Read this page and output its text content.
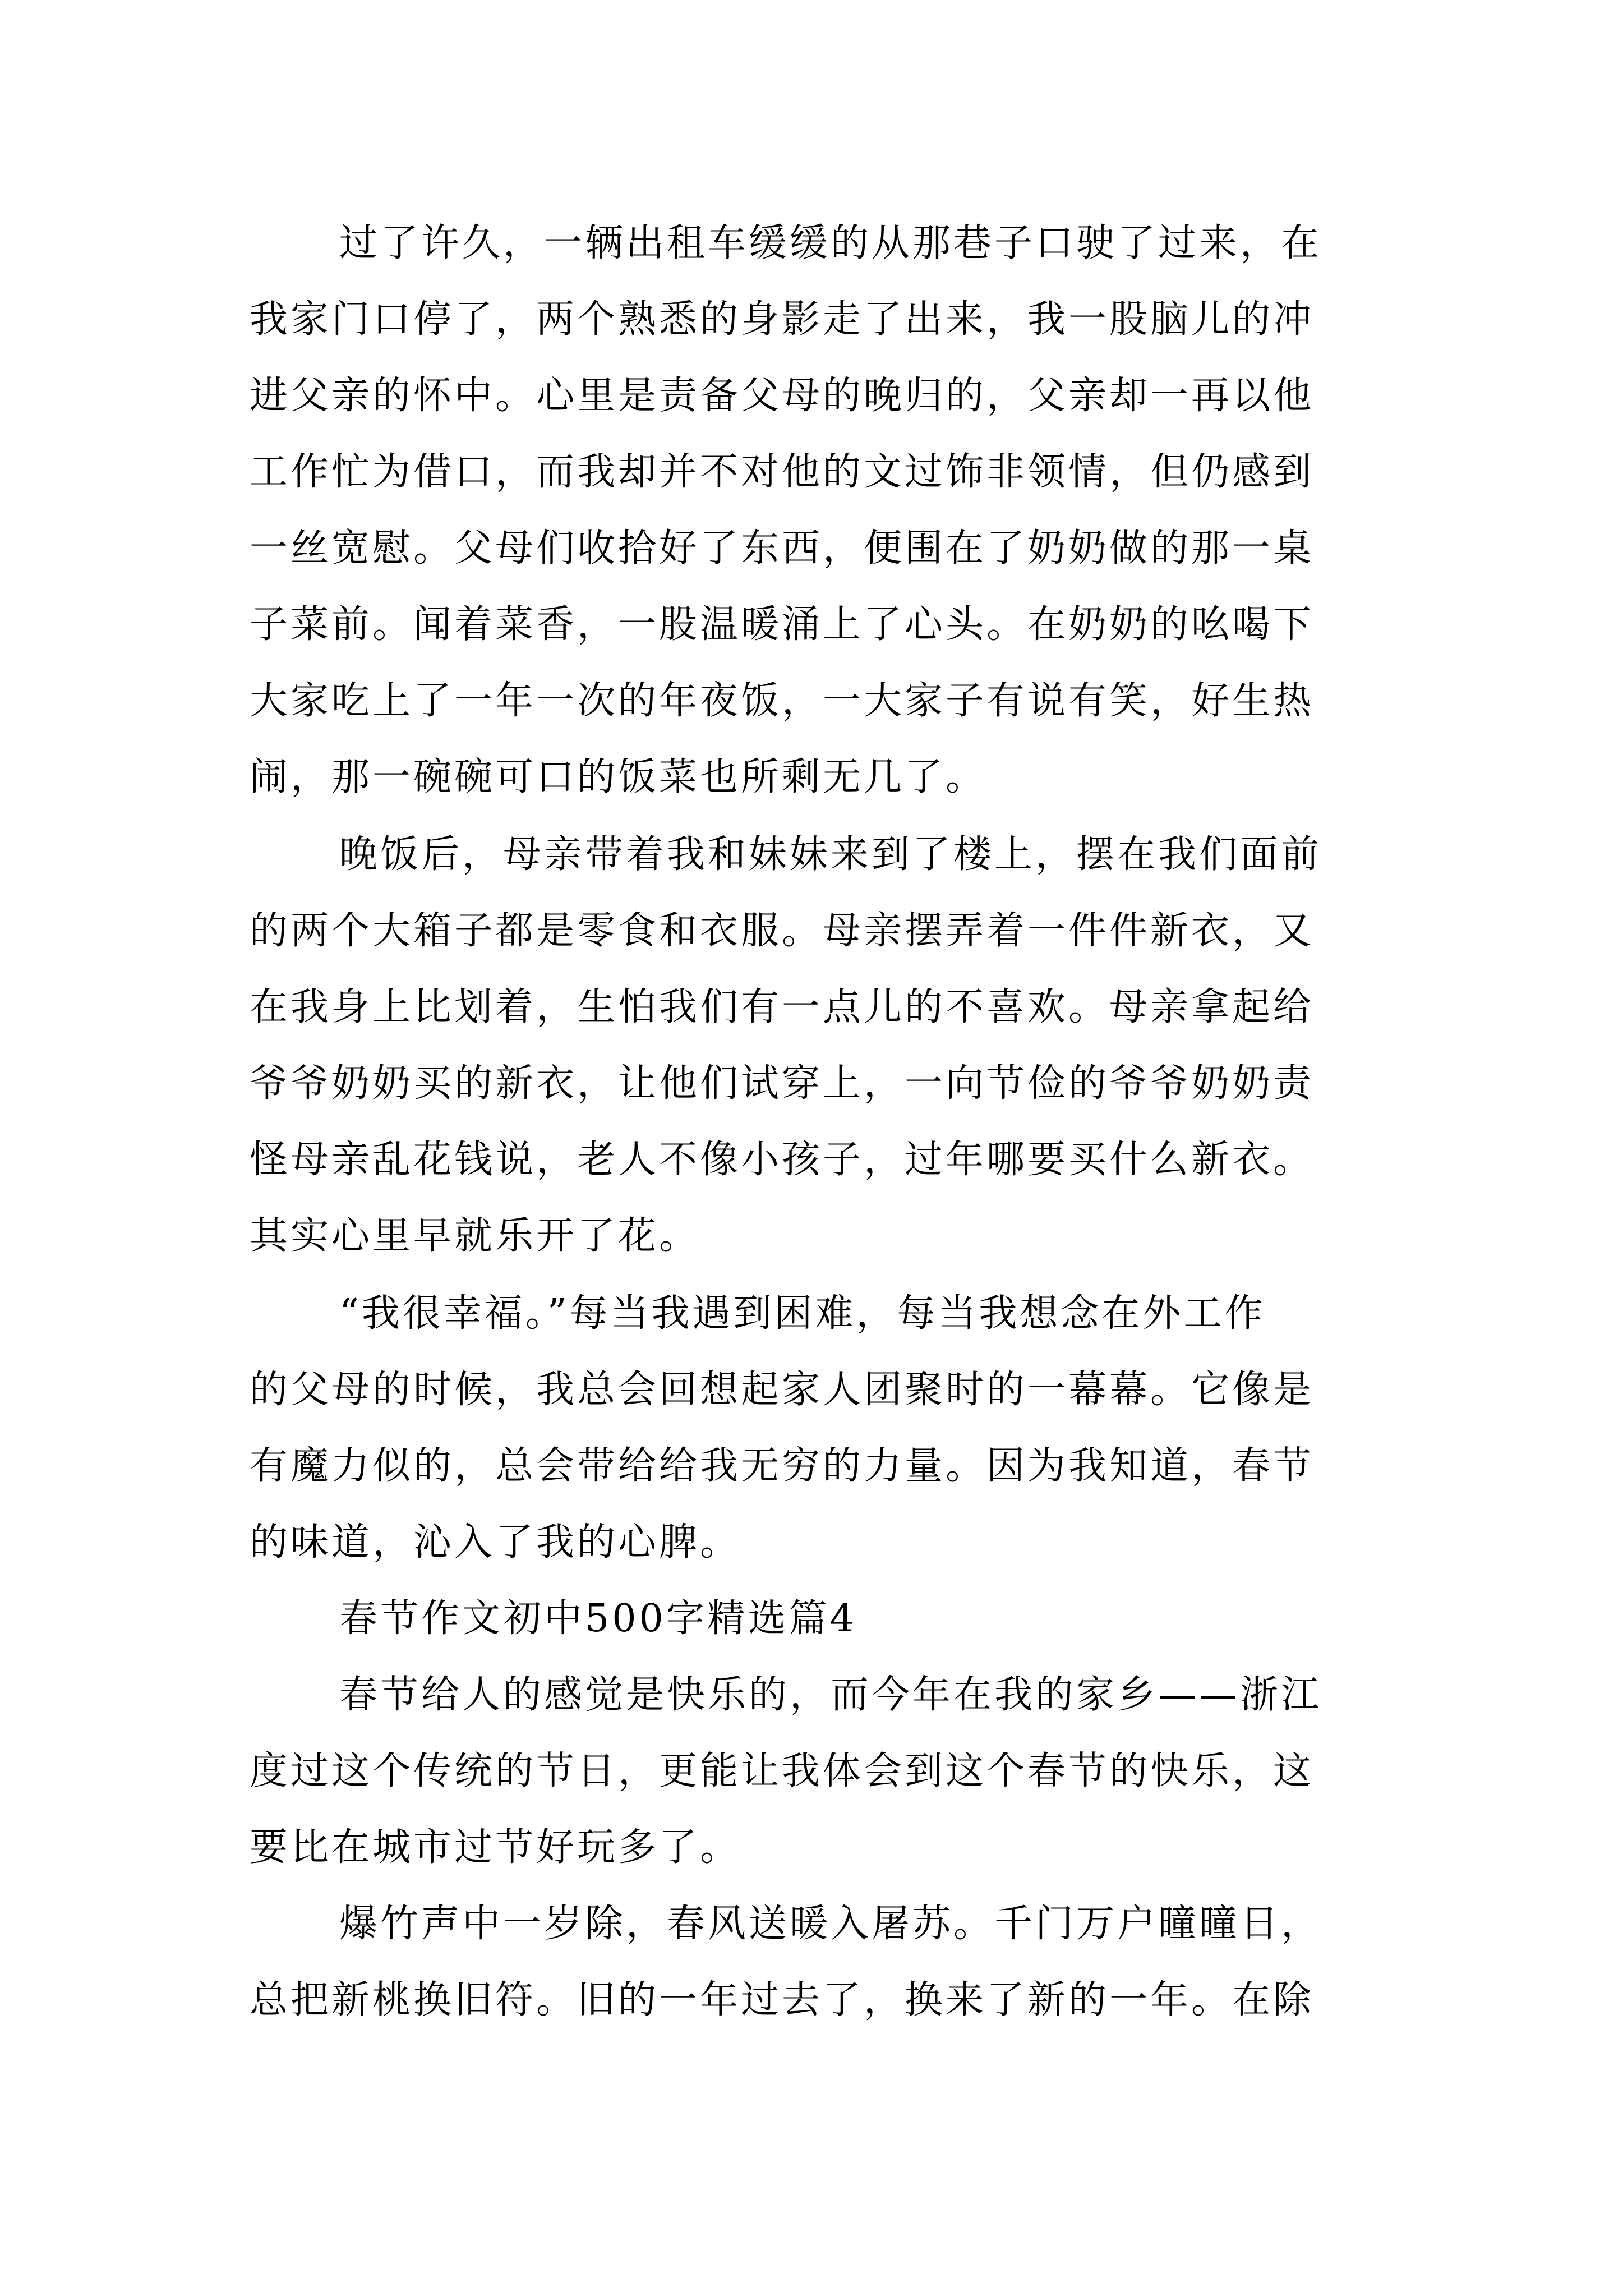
过了许久，一辆出租车缓缓的从那巷子口驶了过来，在
我家门口停了，两个熟悉的身影走了出来，我一股脑儿的冲
进父亲的怀中。心里是责备父母的晚归的，父亲却一再以他
工作忙为借口，而我却并不对他的文过饰非领情，但仍感到
一丝宽慰。父母们收拾好了东西，便围在了奶奶做的那一桌
子菜前。闻着菜香，一股温暖涌上了心头。在奶奶的吆喝下
大家吃上了一年一次的年夜饭，一大家子有说有笑，好生热
闹，那一碗碗可口的饭菜也所剩无几了。
晚饭后，母亲带着我和妹妹来到了楼上，摆在我们面前
的两个大箱子都是零食和衣服。母亲摆弄着一件件新衣，又
在我身上比划着，生怕我们有一点儿的不喜欢。母亲拿起给
爷爷奶奶买的新衣，让他们试穿上，一向节俭的爷爷奶奶责
怪母亲乱花钱说，老人不像小孩子，过年哪要买什么新衣。
其实心里早就乐开了花。
“我很幸福。”每当我遇到困难，每当我想念在外工作
的父母的时候，我总会回想起家人团聚时的一幕幕。它像是
有魔力似的，总会带给给我无穷的力量。因为我知道，春节
的味道，沁入了我的心脾。
春节作文初中500字精选篇4
春节给人的感觉是快乐的，而今年在我的家乡——浙江
度过这个传统的节日，更能让我体会到这个春节的快乐，这
要比在城市过节好玩多了。
爆竹声中一岁除，春风送暖入屠苏。千门万户曈曈日，
总把新桃换旧符。旧的一年过去了，换来了新的一年。在除
